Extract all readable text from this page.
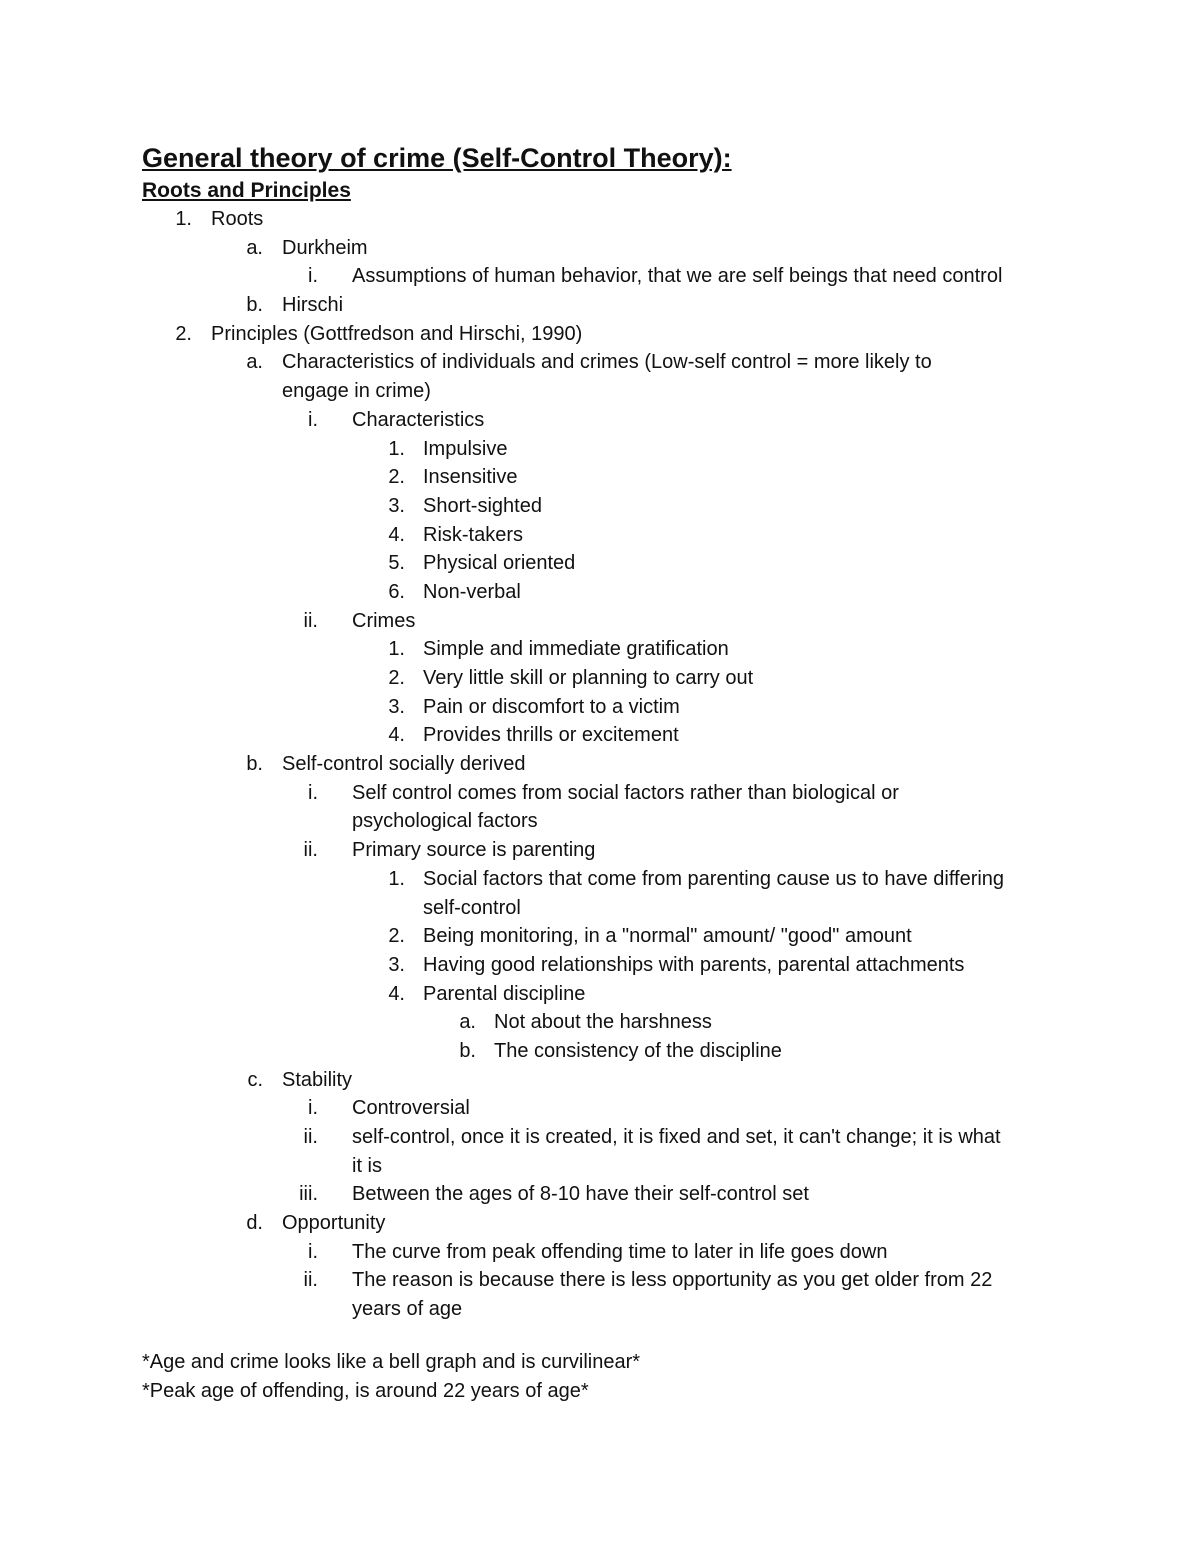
General theory of crime (Self-Control Theory):
Roots and Principles
1. Roots
a. Durkheim
i. Assumptions of human behavior, that we are self beings that need control
b. Hirschi
2. Principles (Gottfredson and Hirschi, 1990)
a. Characteristics of individuals and crimes (Low-self control = more likely to
engage in crime)
i. Characteristics
1. Impulsive
2. Insensitive
3. Short-sighted
4. Risk-takers
5. Physical oriented
6. Non-verbal
ii. Crimes
1. Simple and immediate gratification
2. Very little skill or planning to carry out
3. Pain or discomfort to a victim
4. Provides thrills or excitement
b. Self-control socially derived
i. Self control comes from social factors rather than biological or
psychological factors
ii. Primary source is parenting
1. Social factors that come from parenting cause us to have differing
self-control
2. Being monitoring, in a "normal" amount/ "good" amount
3. Having good relationships with parents, parental attachments
4. Parental discipline
a. Not about the harshness
b. The consistency of the discipline
c. Stability
i. Controversial
ii. self-control, once it is created, it is fixed and set, it can't change; it is what
it is
iii. Between the ages of 8-10 have their self-control set
d. Opportunity
i. The curve from peak offending time to later in life goes down
ii. The reason is because there is less opportunity as you get older from 22
years of age
*Age and crime looks like a bell graph and is curvilinear*
*Peak age of offending, is around 22 years of age*
